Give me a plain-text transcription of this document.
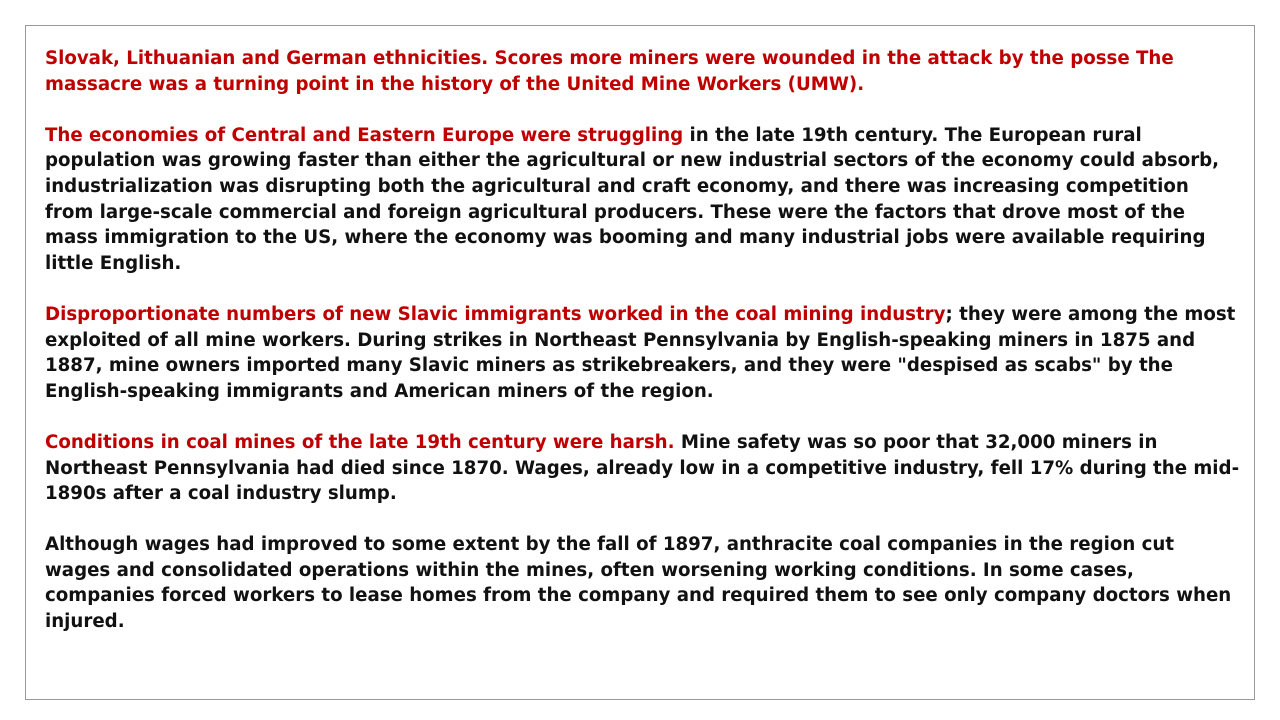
Slovak, Lithuanian and German ethnicities. Scores more miners were wounded in the attack by the posse The massacre was a turning point in the history of the United Mine Workers (UMW).

The economies of Central and Eastern Europe were struggling in the late 19th century. The European rural population was growing faster than either the agricultural or new industrial sectors of the economy could absorb, industrialization was disrupting both the agricultural and craft economy, and there was increasing competition from large-scale commercial and foreign agricultural producers. These were the factors that drove most of the mass immigration to the US, where the economy was booming and many industrial jobs were available requiring little English.

Disproportionate numbers of new Slavic immigrants worked in the coal mining industry; they were among the most exploited of all mine workers. During strikes in Northeast Pennsylvania by English-speaking miners in 1875 and 1887, mine owners imported many Slavic miners as strikebreakers, and they were "despised as scabs" by the English-speaking immigrants and American miners of the region.

Conditions in coal mines of the late 19th century were harsh. Mine safety was so poor that 32,000 miners in Northeast Pennsylvania had died since 1870. Wages, already low in a competitive industry, fell 17% during the mid-1890s after a coal industry slump.

Although wages had improved to some extent by the fall of 1897, anthracite coal companies in the region cut wages and consolidated operations within the mines, often worsening working conditions. In some cases, companies forced workers to lease homes from the company and required them to see only company doctors when injured.
